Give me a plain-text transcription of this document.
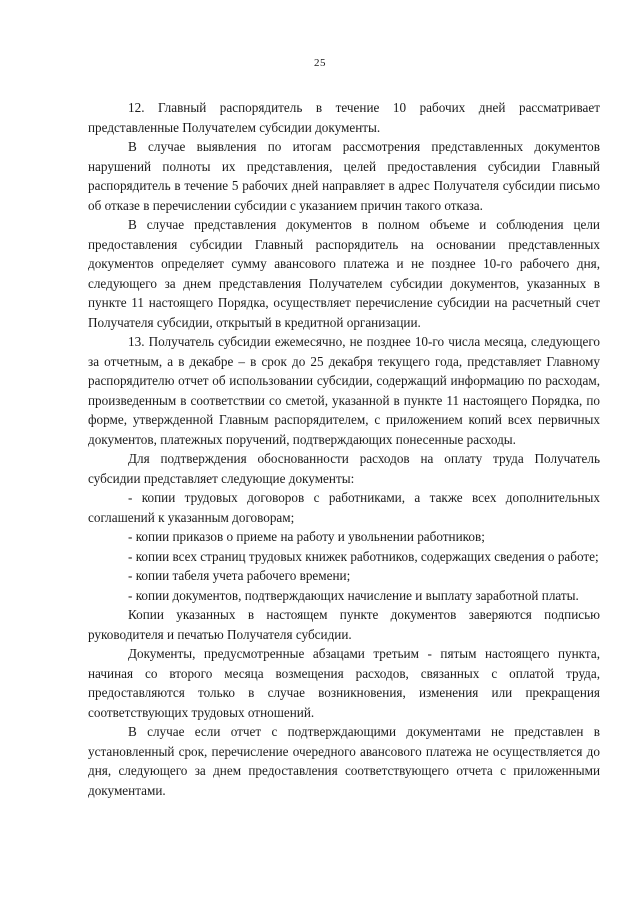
25

12. Главный распорядитель в течение 10 рабочих дней рассматривает представленные Получателем субсидии документы.

В случае выявления по итогам рассмотрения представленных документов нарушений полноты их представления, целей предоставления субсидии Главный распорядитель в течение 5 рабочих дней направляет в адрес Получателя субсидии письмо об отказе в перечислении субсидии с указанием причин такого отказа.

В случае представления документов в полном объеме и соблюдения цели предоставления субсидии Главный распорядитель на основании представленных документов определяет сумму авансового платежа и не позднее 10-го рабочего дня, следующего за днем представления Получателем субсидии документов, указанных в пункте 11 настоящего Порядка, осуществляет перечисление субсидии на расчетный счет Получателя субсидии, открытый в кредитной организации.

13. Получатель субсидии ежемесячно, не позднее 10-го числа месяца, следующего за отчетным, а в декабре – в срок до 25 декабря текущего года, представляет Главному распорядителю отчет об использовании субсидии, содержащий информацию по расходам, произведенным в соответствии со сметой, указанной в пункте 11 настоящего Порядка, по форме, утвержденной Главным распорядителем, с приложением копий всех первичных документов, платежных поручений, подтверждающих понесенные расходы.

Для подтверждения обоснованности расходов на оплату труда Получатель субсидии представляет следующие документы:

- копии трудовых договоров с работниками, а также всех дополнительных соглашений к указанным договорам;

- копии приказов о приеме на работу и увольнении работников;

- копии всех страниц трудовых книжек работников, содержащих сведения о работе;

- копии табеля учета рабочего времени;

- копии документов, подтверждающих начисление и выплату заработной платы.

Копии указанных в настоящем пункте документов заверяются подписью руководителя и печатью Получателя субсидии.

Документы, предусмотренные абзацами третьим - пятым настоящего пункта, начиная со второго месяца возмещения расходов, связанных с оплатой труда, предоставляются только в случае возникновения, изменения или прекращения соответствующих трудовых отношений.

В случае если отчет с подтверждающими документами не представлен в установленный срок, перечисление очередного авансового платежа не осуществляется до дня, следующего за днем предоставления соответствующего отчета с приложенными документами.
